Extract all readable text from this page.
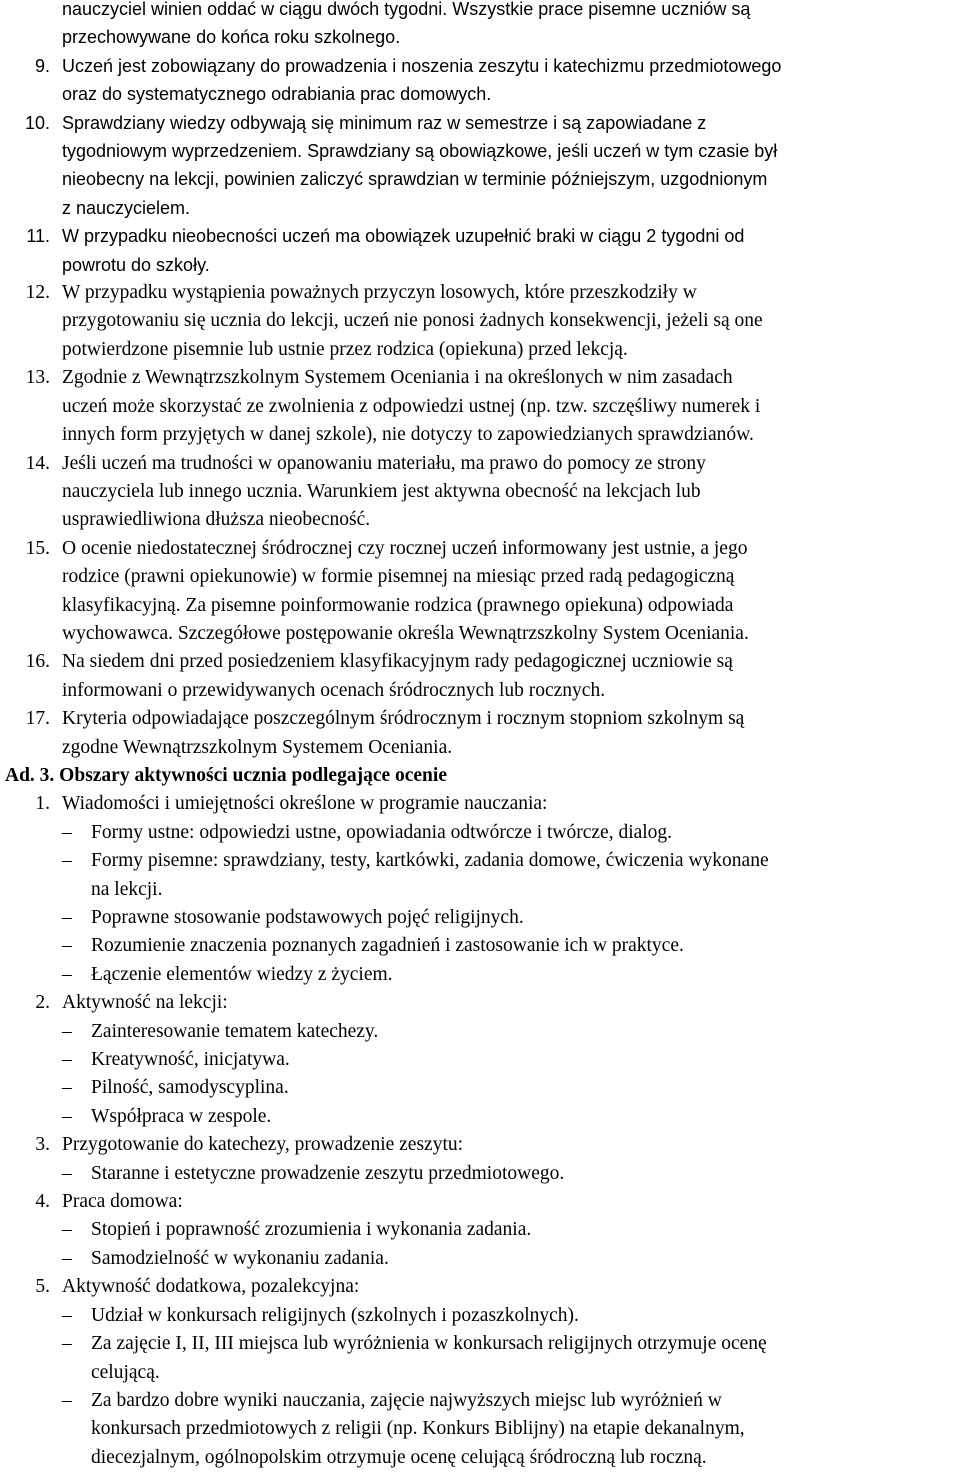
nauczyciel winien oddać w ciągu dwóch tygodni. Wszystkie prace pisemne uczniów są
przechowywane do końca roku szkolnego.
9. Uczeń jest zobowiązany do prowadzenia i noszenia zeszytu i katechizmu przedmiotowego
oraz do systematycznego odrabiania prac domowych.
10. Sprawdziany wiedzy odbywają się minimum raz w semestrze i są zapowiadane z
tygodniowym wyprzedzeniem. Sprawdziany są obowiązkowe, jeśli uczeń w tym czasie był
nieobecny na lekcji, powinien zaliczyć sprawdzian w terminie późniejszym, uzgodnionym
z nauczycielem.
11. W przypadku nieobecności uczeń ma obowiązek uzupełnić braki w ciągu 2 tygodni od
powrotu do szkoły.
12. W przypadku wystąpienia poważnych przyczyn losowych, które przeszkodziły w
przygotowaniu się ucznia do lekcji, uczeń nie ponosi żadnych konsekwencji, jeżeli są one
potwierdzone pisemnie lub ustnie przez rodzica (opiekuna) przed lekcją.
13. Zgodnie z Wewnątrzszkolnym Systemem Oceniania i na określonych w nim zasadach
uczeń może skorzystać ze zwolnienia z odpowiedzi ustnej (np. tzw. szczęśliwy numerek i
innych form przyjętych w danej szkole), nie dotyczy to zapowiedzianych sprawdzianów.
14. Jeśli uczeń ma trudności w opanowaniu materiału, ma prawo do pomocy ze strony
nauczyciela lub innego ucznia. Warunkiem jest aktywna obecność na lekcjach lub
usprawiedliwiona dłuższa nieobecność.
15. O ocenie niedostatecznej śródrocznej czy rocznej uczeń informowany jest ustnie, a jego
rodzice (prawni opiekunowie) w formie pisemnej na miesiąc przed radą pedagogiczną
klasyfikacyjną. Za pisemne poinformowanie rodzica (prawnego opiekuna) odpowiada
wychowawca. Szczegółowe postępowanie określa Wewnątrzszkolny System Oceniania.
16. Na siedem dni przed posiedzeniem klasyfikacyjnym rady pedagogicznej uczniowie są
informowani o przewidywanych ocenach śródrocznych lub rocznych.
17. Kryteria odpowiadające poszczególnym śródrocznym i rocznym stopniom szkolnym są
zgodne Wewnątrzszkolnym Systemem Oceniania.
Ad. 3. Obszary aktywności ucznia podlegające ocenie
1. Wiadomości i umiejętności określone w programie nauczania:
– Formy ustne: odpowiedzi ustne, opowiadania odtwórcze i twórcze, dialog.
– Formy pisemne: sprawdziany, testy, kartkówki, zadania domowe, ćwiczenia wykonane
na lekcji.
– Poprawne stosowanie podstawowych pojęć religijnych.
– Rozumienie znaczenia poznanych zagadnień i zastosowanie ich w praktyce.
– Łączenie elementów wiedzy z życiem.
2. Aktywność na lekcji:
– Zainteresowanie tematem katechezy.
– Kreatywność, inicjatywa.
– Pilność, samodyscyplina.
– Współpraca w zespole.
3. Przygotowanie do katechezy, prowadzenie zeszytu:
– Staranne i estetyczne prowadzenie zeszytu przedmiotowego.
4. Praca domowa:
– Stopień i poprawność zrozumienia i wykonania zadania.
– Samodzielność w wykonaniu zadania.
5. Aktywność dodatkowa, pozalekcyjna:
– Udział w konkursach religijnych (szkolnych i pozaszkolnych).
– Za zajęcie I, II, III miejsca lub wyróżnienia w konkursach religijnych otrzymuje ocenę
celującą.
– Za bardzo dobre wyniki nauczania, zajęcie najwyższych miejsc lub wyróżnień w
konkursach przedmiotowych z religii (np. Konkurs Biblijny) na etapie dekanalnym,
diecezjalnym, ogólnopolskim otrzymuje ocenę celującą śródroczną lub roczną.
